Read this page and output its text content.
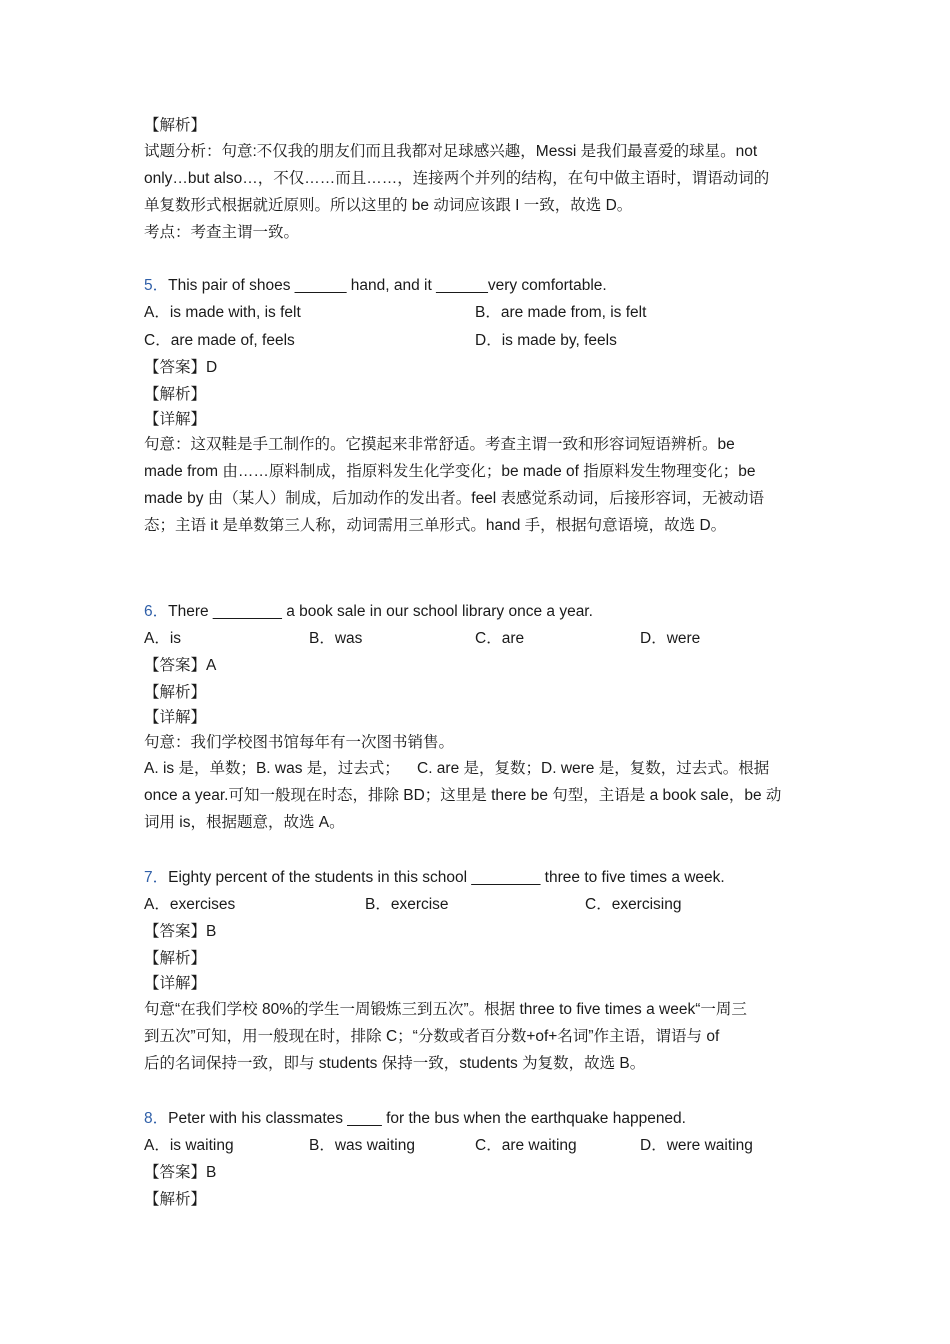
【解析】
试题分析：句意:不仅我的朋友们而且我都对足球感兴趣，Messi 是我们最喜爱的球星。not
only…but also…，不仅……而且……，连接两个并列的结构，在句中做主语时，谓语动词的
单复数形式根据就近原则。所以这里的 be 动词应该跟 I 一致，故选 D。
考点：考查主谓一致。
5．This pair of shoes ______ hand, and it ______very comfortable.
A．is made with, is felt	B．are made from, is felt
C．are made of, feels	D．is made by, feels
【答案】D
【解析】
【详解】
句意：这双鞋是手工制作的。它摸起来非常舒适。考查主谓一致和形容词短语辨析。be
made from 由……原料制成，指原料发生化学变化；be made of 指原料发生物理变化；be
made by 由（某人）制成，后加动作的发出者。feel 表感觉系动词，后接形容词，无被动语
态；主语 it 是单数第三人称，动词需用三单形式。hand 手，根据句意语境，故选 D。
6．There ________ a book sale in our school library once a year.
A．is	B．was	C．are	D．were
【答案】A
【解析】
【详解】
句意：我们学校图书馆每年有一次图书销售。
A. is 是，单数；B. was 是，过去式；    C. are 是，复数；D. were 是，复数，过去式。根据
once a year.可知一般现在时态，排除 BD；这里是 there be 句型，主语是 a book sale，be 动
词用 is，根据题意，故选 A。
7．Eighty percent of the students in this school ________ three to five times a week.
A．exercises	B．exercise	C．exercising
【答案】B
【解析】
【详解】
句意“在我们学校 80%的学生一周锻炼三到五次”。根据 three to five times a week“一周三
到五次”可知，用一般现在时，排除 C；“分数或者百分数+of+名词”作主语，谓语与 of
后的名词保持一致，即与 students 保持一致，students 为复数，故选 B。
8．Peter with his classmates ____ for the bus when the earthquake happened.
A．is waiting	B．was waiting	C．are waiting	D．were waiting
【答案】B
【解析】
